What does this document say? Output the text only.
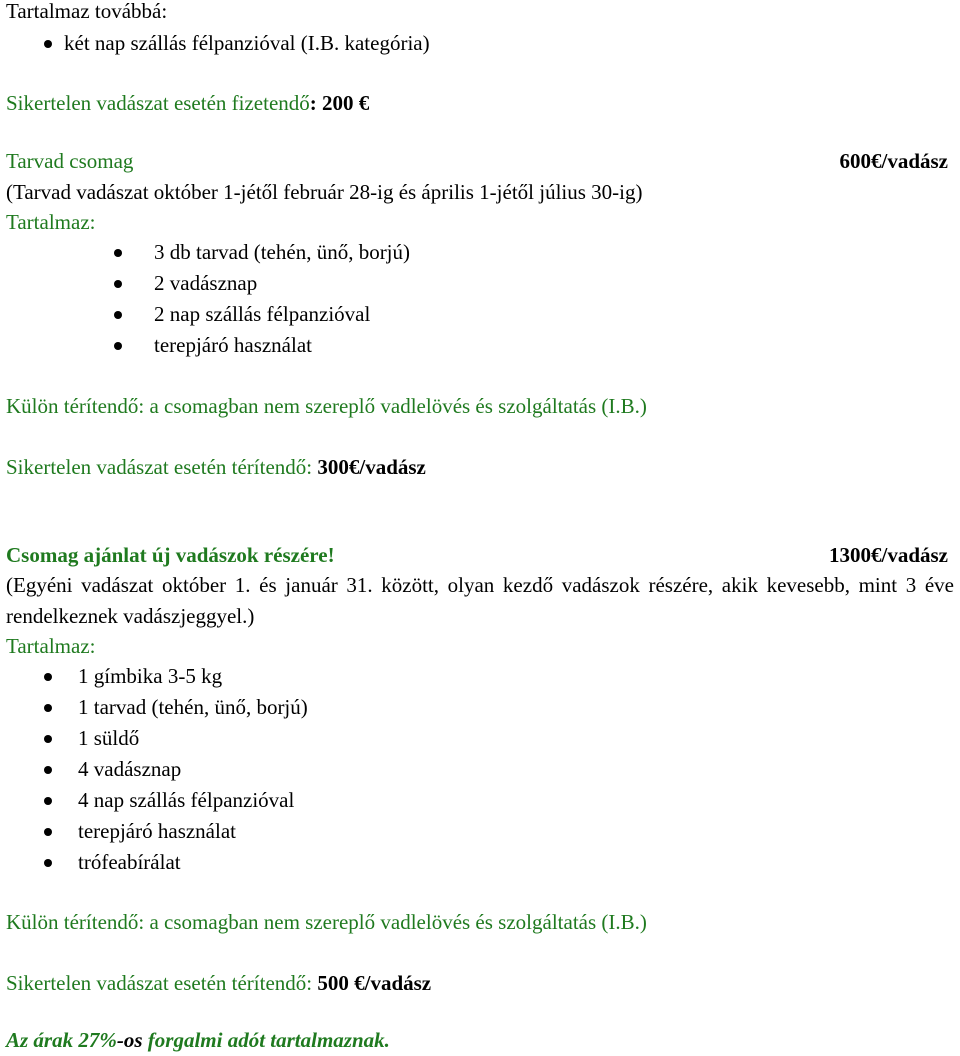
Tartalmaz továbbá:
két nap szállás félpanzióval (I.B. kategória)
Sikertelen vadászat esetén fizetendő: 200 €
Tarvad csomag	600€/vadász
(Tarvad vadászat október 1-jétől február 28-ig és április 1-jétől július 30-ig)
Tartalmaz:
3 db tarvad (tehén, ünő, borjú)
2 vadásznap
2 nap szállás félpanzióval
terepjáró használat
Külön térítendő: a csomagban nem szereplő vadlelövés és szolgáltatás (I.B.)
Sikertelen vadászat esetén térítendő: 300€/vadász
Csomag ajánlat új vadászok részére!	1300€/vadász
(Egyéni vadászat október 1. és január 31. között, olyan kezdő vadászok részére, akik kevesebb, mint 3 éve rendelkeznek vadászjeggyel.)
Tartalmaz:
1 gímbika 3-5 kg
1 tarvad (tehén, ünő, borjú)
1 süldő
4 vadásznap
4 nap szállás félpanzióval
terepjáró használat
trófeabírálat
Külön térítendő: a csomagban nem szereplő vadlelövés és szolgáltatás (I.B.)
Sikertelen vadászat esetén térítendő: 500 €/vadász
Az árak 27%-os forgalmi adót tartalmaznak.
